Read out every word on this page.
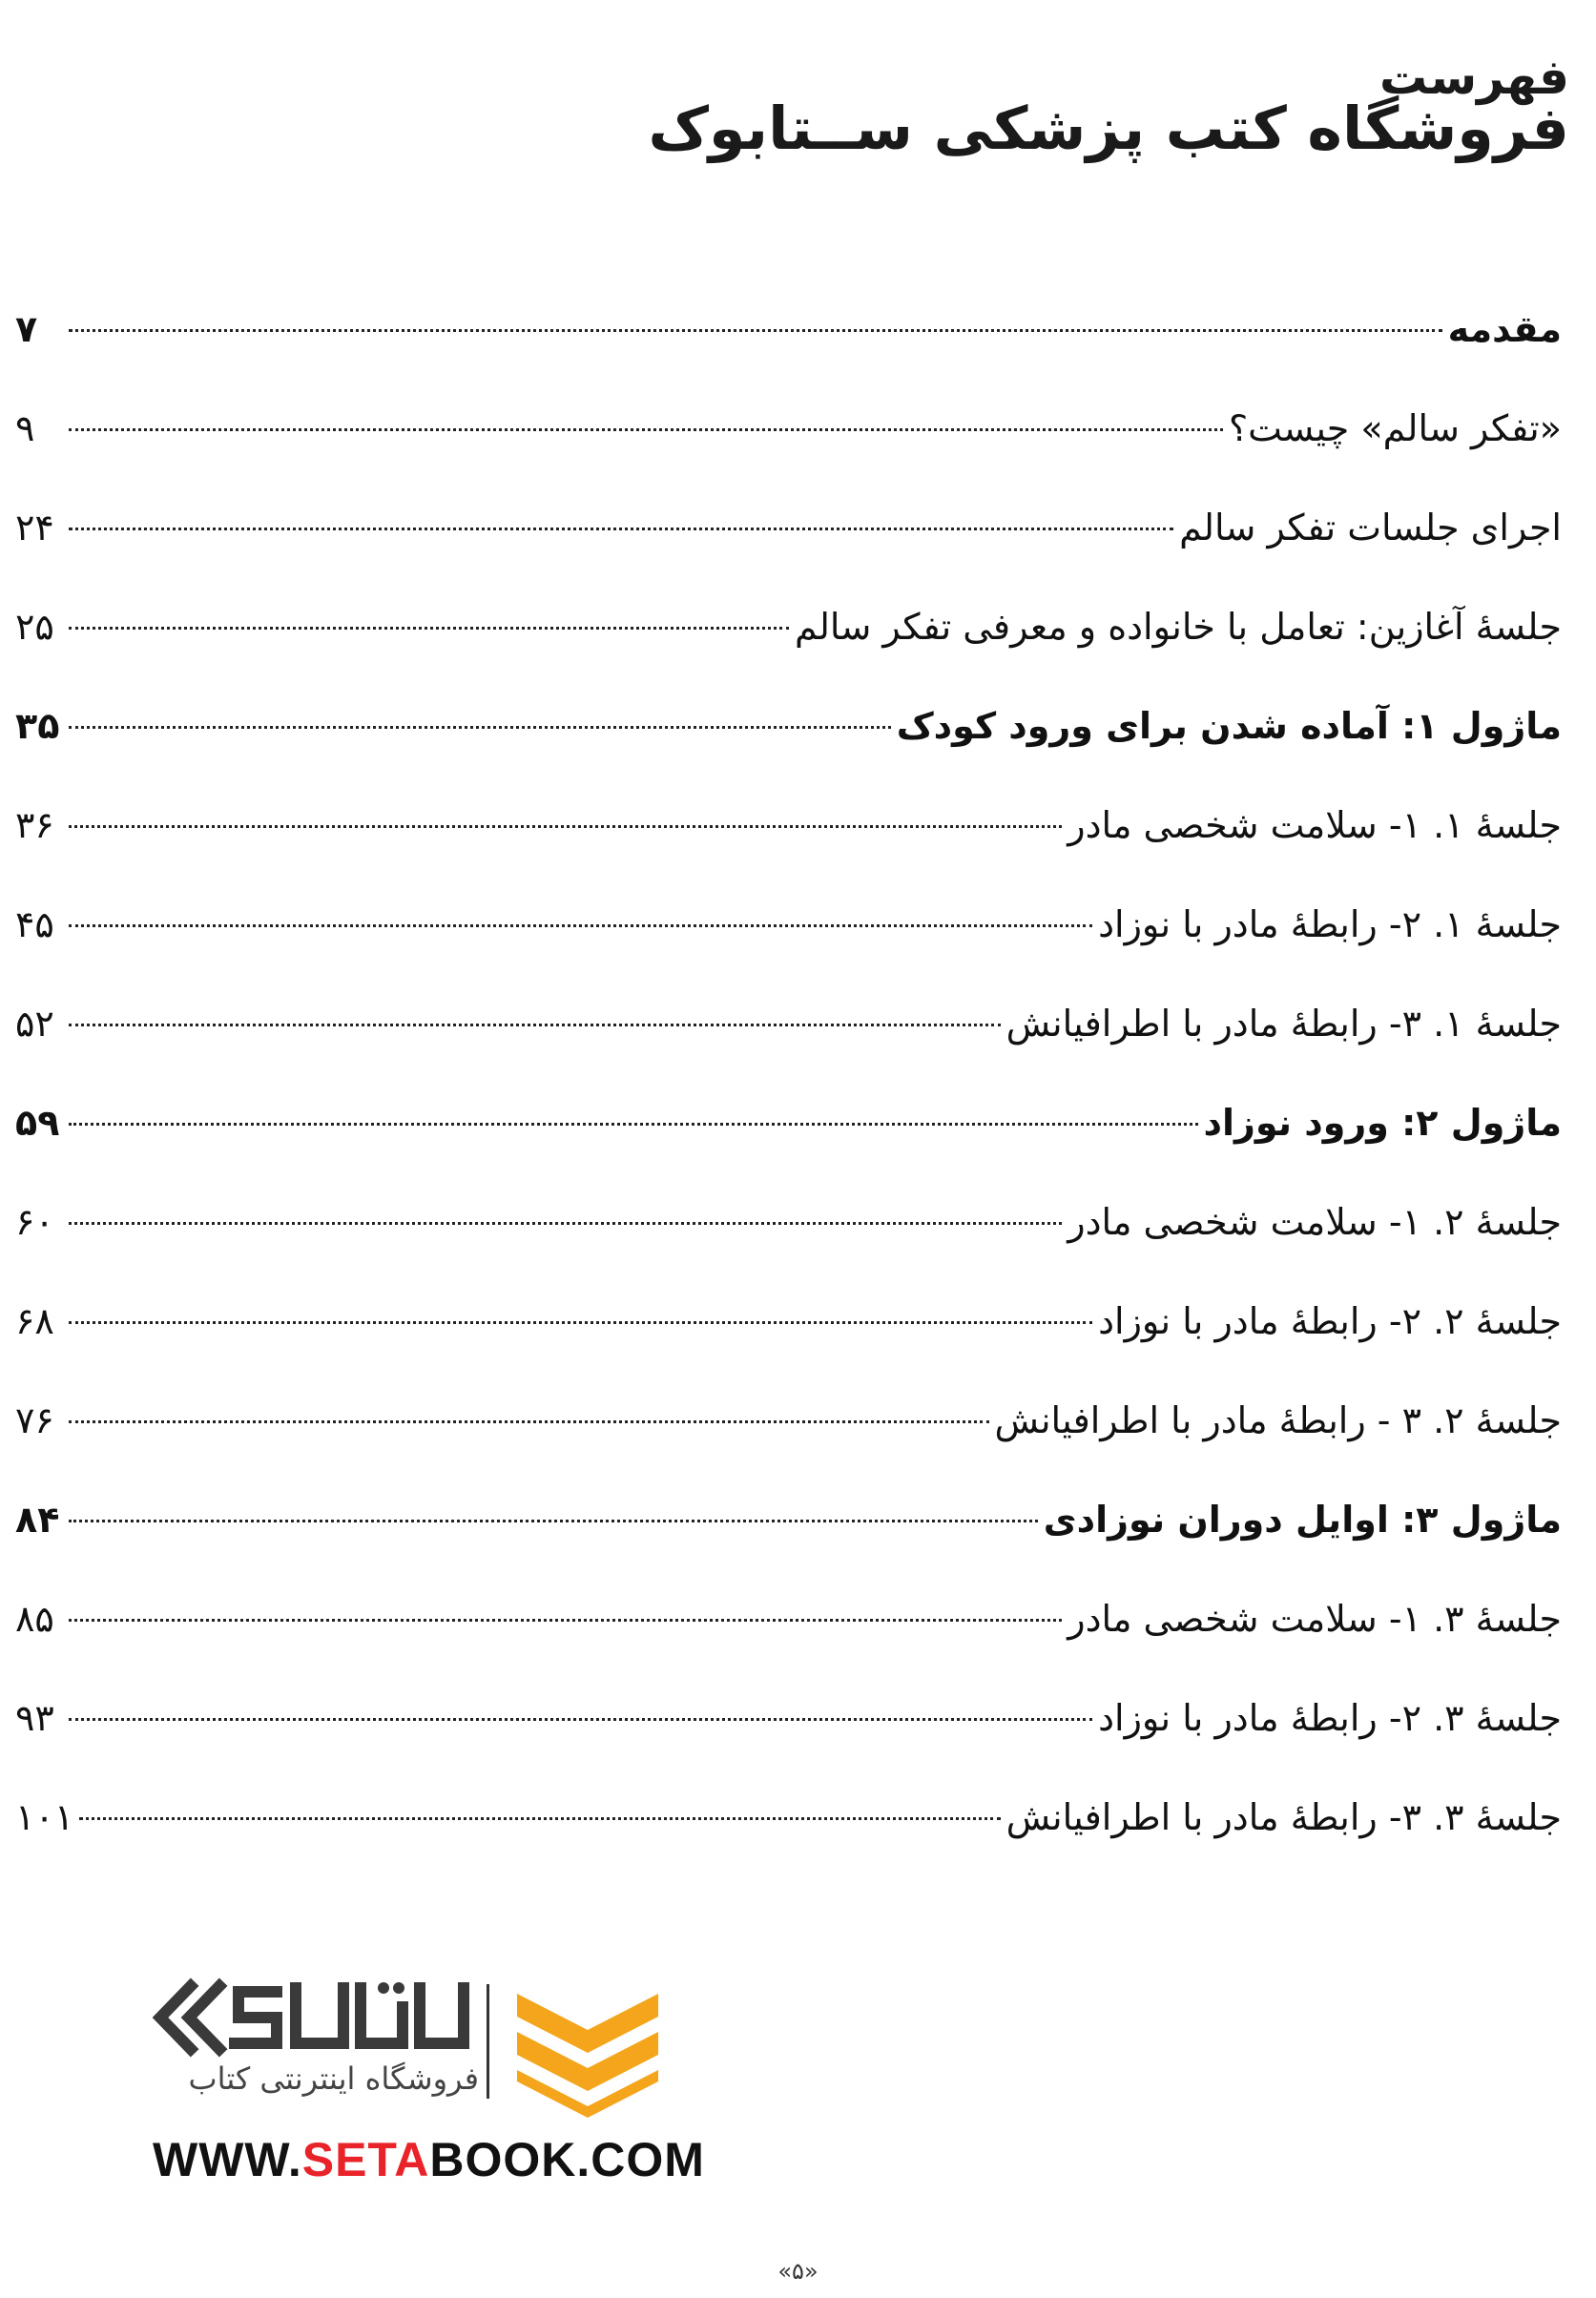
فهرست
فروشگاه کتب پزشکی ســتابوک
مقدمه
۷
«تفکر سالم» چیست؟
۹
اجرای جلسات تفکر سالم
۲۴
جلسهٔ آغازین: تعامل با خانواده و معرفی تفکر سالم
۲۵
ماژول ۱: آماده شدن برای ورود کودک
۳۵
جلسهٔ ۱. ۱- سلامت شخصی مادر
۳۶
جلسهٔ ۱. ۲- رابطهٔ مادر با نوزاد
۴۵
جلسهٔ ۱. ۳- رابطهٔ مادر با اطرافیانش
۵۲
ماژول ۲: ورود نوزاد
۵۹
جلسهٔ ۲. ۱- سلامت شخصی مادر
۶۰
جلسهٔ ۲. ۲- رابطهٔ مادر با نوزاد
۶۸
جلسهٔ ۲. ۳ - رابطهٔ مادر با اطرافیانش
۷۶
ماژول ۳: اوایل دوران نوزادی
۸۴
جلسهٔ ۳. ۱- سلامت شخصی مادر
۸۵
جلسهٔ ۳. ۲- رابطهٔ مادر با نوزاد
۹۳
جلسهٔ ۳. ۳- رابطهٔ مادر با اطرافیانش
۱۰۱
فروشگاه اینترنتی کتاب
WWW.SETABOOK.COM
«۵»
